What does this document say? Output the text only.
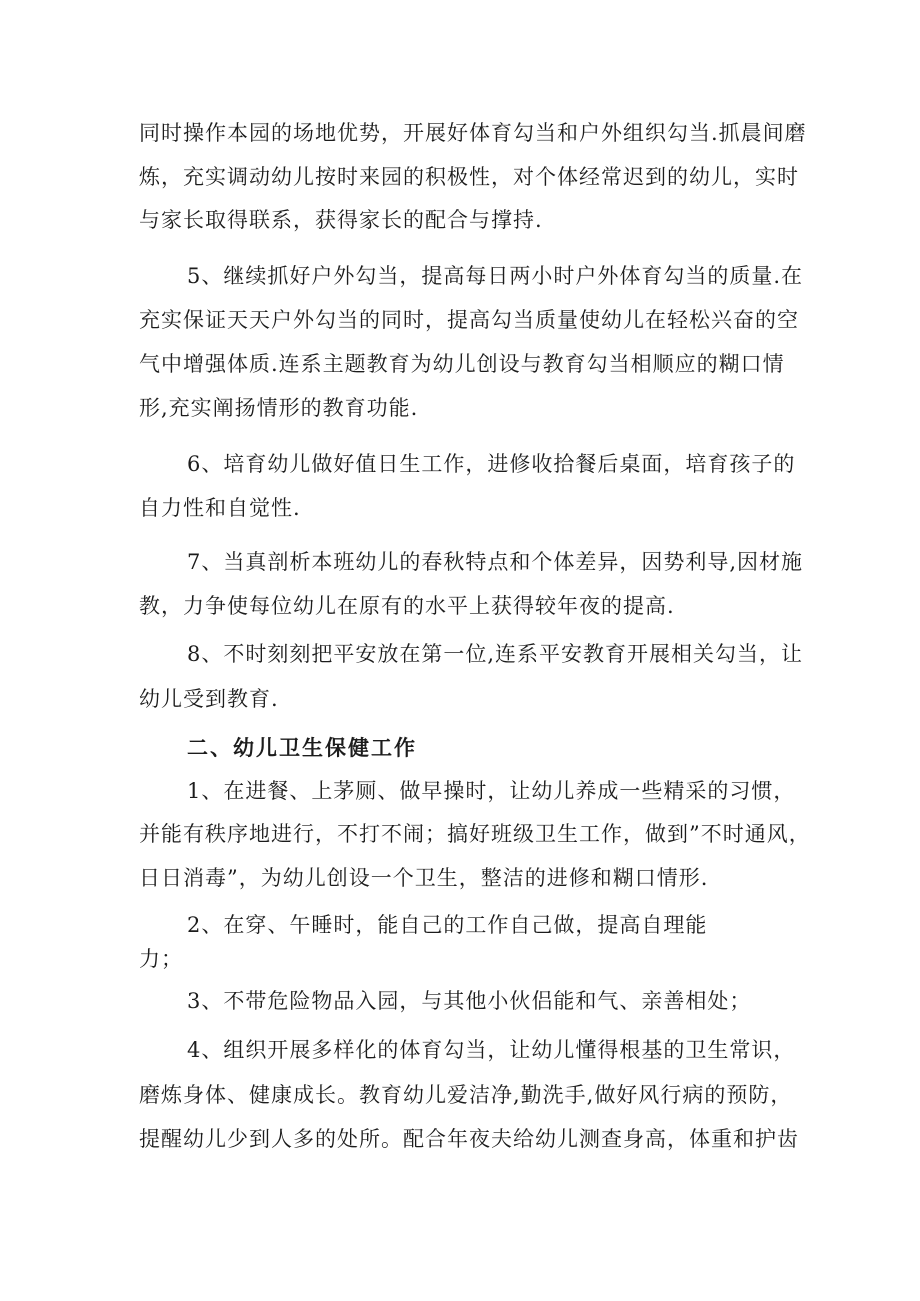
同时操作本园的场地优势，开展好体育勾当和户外组织勾当.抓晨间磨
炼，充实调动幼儿按时来园的积极性，对个体经常迟到的幼儿，实时
与家长取得联系，获得家长的配合与撑持.
5、继续抓好户外勾当，提高每日两小时户外体育勾当的质量.在
充实保证天天户外勾当的同时，提高勾当质量使幼儿在轻松兴奋的空
气中增强体质.连系主题教育为幼儿创设与教育勾当相顺应的糊口情
形,充实阐扬情形的教育功能.
6、培育幼儿做好值日生工作，进修收拾餐后桌面，培育孩子的
自力性和自觉性.
7、当真剖析本班幼儿的春秋特点和个体差异，因势利导,因材施
教，力争使每位幼儿在原有的水平上获得较年夜的提高.
8、不时刻刻把平安放在第一位,连系平安教育开展相关勾当，让
幼儿受到教育.
二、幼儿卫生保健工作
1、在进餐、上茅厕、做早操时，让幼儿养成一些精采的习惯，
并能有秩序地进行，不打不闹；搞好班级卫生工作，做到”不时通风，
日日消毒”，为幼儿创设一个卫生，整洁的进修和糊口情形.
2、在穿、午睡时，能自己的工作自己做，提高自理能
力；
3、不带危险物品入园，与其他小伙侣能和气、亲善相处；
4、组织开展多样化的体育勾当，让幼儿懂得根基的卫生常识，
磨炼身体、健康成长。教育幼儿爱洁净,勤洗手,做好风行病的预防，
提醒幼儿少到人多的处所。配合年夜夫给幼儿测查身高，体重和护齿
